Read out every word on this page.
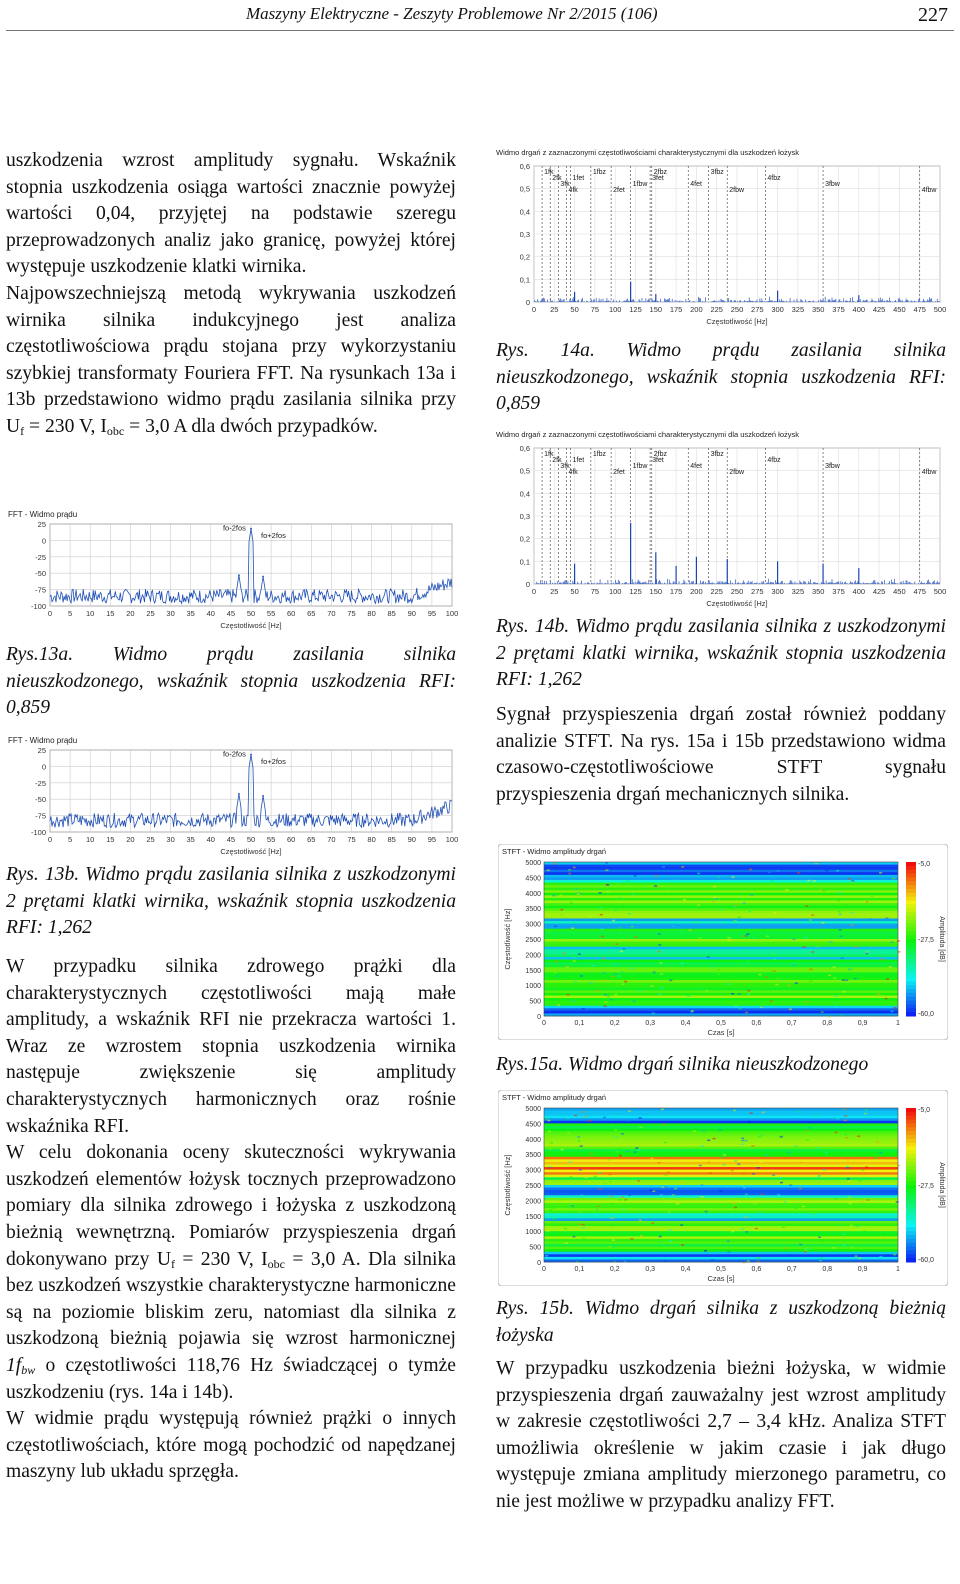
Maszyny Elektryczne - Zeszyty Problemowe Nr 2/2015 (106)	227

uszkodzenia wzrost amplitudy sygnału. Wskaźnik stopnia uszkodzenia osiąga wartości znacznie powyżej wartości 0,04, przyjętej na podstawie szeregu przeprowadzonych analiz jako granicę, powyżej której występuje uszkodzenie klatki wirnika.

Najpowszechniejszą metodą wykrywania uszkodzeń wirnika silnika indukcyjnego jest analiza częstotliwościowa prądu stojana przy wykorzystaniu szybkiej transformaty Fouriera FFT. Na rysunkach 13a i 13b przedstawiono widmo prądu zasilania silnika przy $U_f = 230$ V, $I_{obc} = 3,0$ A dla dwóch przypadków.

FFT - Widmo prądu
0 5 10 15 20 25 30 35 40 45 50 55 60 65 70 75 80 85 90 95 100
25
0
-25
-50
-75
-100
Częstotliwość [Hz]
fo-2fos
fo+2fos

Rys.13a. Widmo prądu zasilania silnika nieuszkodzonego, wskaźnik stopnia uszkodzenia RFI: 0,859

FFT - Widmo prądu
0 5 10 15 20 25 30 35 40 45 50 55 60 65 70 75 80 85 90 95 100
25
0
-25
-50
-75
-100
Częstotliwość [Hz]
fo-2fos
fo+2fos

Rys. 13b. Widmo prądu zasilania silnika z uszkodzonymi 2 prętami klatki wirnika, wskaźnik stopnia uszkodzenia RFI: 1,262

W przypadku silnika zdrowego prążki dla charakterystycznych częstotliwości mają małe amplitudy, a wskaźnik RFI nie przekracza wartości 1. Wraz ze wzrostem stopnia uszkodzenia wirnika następuje zwiększenie się amplitudy charakterystycznych harmonicznych oraz rośnie wskaźnika RFI.

W celu dokonania oceny skuteczności wykrywania uszkodzeń elementów łożysk tocznych przeprowadzono pomiary dla silnika zdrowego i łożyska z uszkodzoną bieżnią wewnętrzną. Pomiarów przyspieszenia drgań dokonywano przy $U_f = 230$ V, $I_{obc} = 3,0$ A. Dla silnika bez uszkodzeń wszystkie charakterystyczne harmoniczne są na poziomie bliskim zeru, natomiast dla silnika z uszkodzoną bieżnią pojawia się wzrost harmonicznej $1f_{bw}$ o częstotliwości 118,76 Hz świadczącej o tymże uszkodzeniu (rys. 14a i 14b).

W widmie prądu występują również prążki o innych częstotliwościach, które mogą pochodzić od napędzanej maszyny lub układu sprzęgła.

Widmo drgań z zaznaczonymi częstotliwościami charakterystycznymi dla uszkodzeń łożysk
0 25 50 75 100 125 150 175 200 225 250 275 300 325 350 375 400 425 450 475 500
0,6
0,5
0,4
0,3
0,2
0,1
0
Częstotliwość [Hz]
1fk
2fk
3fk
4fk
1fbz
1fet
1fbw
2fet
2fbz
3fet
4fet
2fbw
3fbz
4fbz
3fbw
4fbw

Rys. 14a. Widmo prądu zasilania silnika nieuszkodzonego, wskaźnik stopnia uszkodzenia RFI: 0,859

Widmo drgań z zaznaczonymi częstotliwościami charakterystycznymi dla uszkodzeń łożysk
0 25 50 75 100 125 150 175 200 225 250 275 300 325 350 375 400 425 450 475 500
0,6
0,5
0,4
0,3
0,2
0,1
0
Częstotliwość [Hz]
1fk
2fk
3fk
4fk
1fbz
1fet
1fbw
2fet
2fbz
3fet
4fet
2fbw
3fbz
4fbz
3fbw
4fbw

Rys. 14b. Widmo prądu zasilania silnika z uszkodzonymi 2 prętami klatki wirnika, wskaźnik stopnia uszkodzenia RFI: 1,262

Sygnał przyspieszenia drgań został również poddany analizie STFT. Na rys. 15a i 15b przedstawiono widma czasowo-częstotliwościowe STFT sygnału przyspieszenia drgań mechanicznych silnika.

STFT - Widmo amplitudy drgań
5000
4500
4000
3500
3000
2500
2000
1500
1000
500
0
0	0,1	0,2	0,3	0,4	0,5	0,6	0,7	0,8	0,9	1
Czas [s]
Częstotliwość [Hz]
-5,0
-27,5
-60,0
Amplituda [dB]

Rys.15a. Widmo drgań silnika nieuszkodzonego

STFT - Widmo amplitudy drgań
5000
4500
4000
3500
3000
2500
2000
1500
1000
500
0
0	0,1	0,2	0,3	0,4	0,5	0,6	0,7	0,8	0,9	1
Czas [s]
Częstotliwość [Hz]
-5,0
-27,5
-60,0
Amplituda [dB]

Rys. 15b. Widmo drgań silnika z uszkodzoną bieżnią łożyska

W przypadku uszkodzenia bieżni łożyska, w widmie przyspieszenia drgań zauważalny jest wzrost amplitudy w zakresie częstotliwości 2,7 – 3,4 kHz. Analiza STFT umożliwia określenie w jakim czasie i jak długo występuje zmiana amplitudy mierzonego parametru, co nie jest możliwe w przypadku analizy FFT.
